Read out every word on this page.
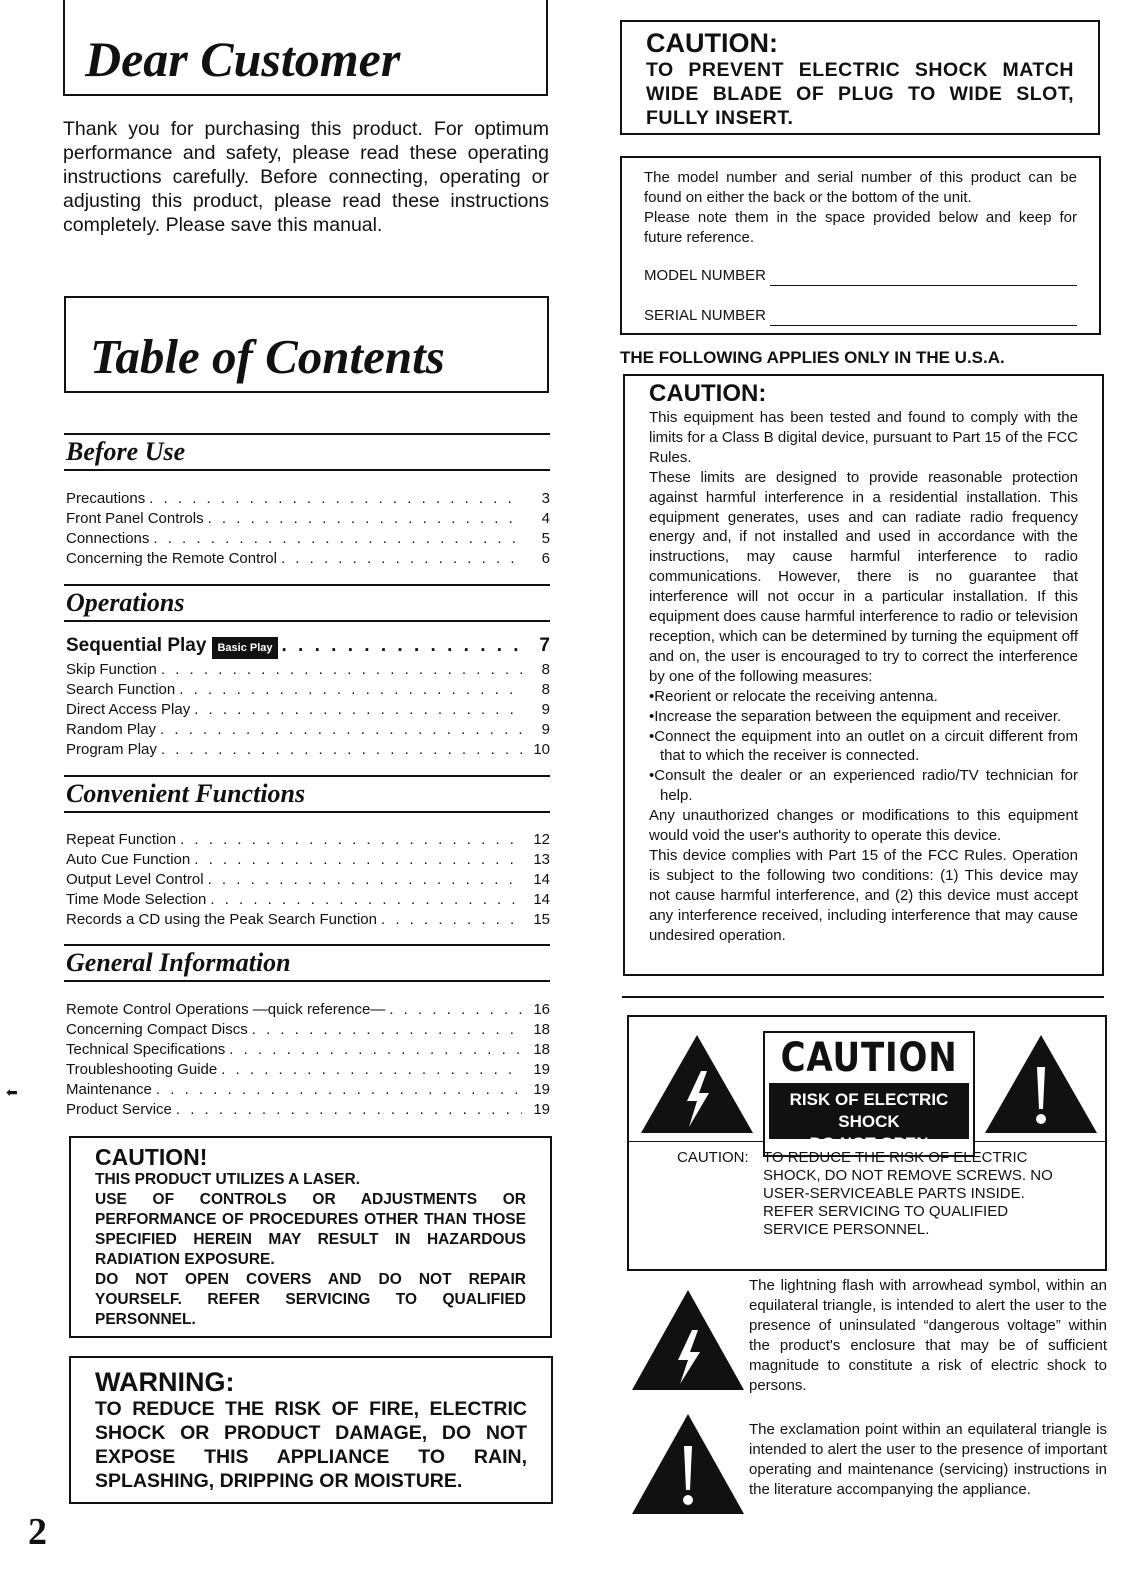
Dear Customer

Thank you for purchasing this product. For optimum performance and safety, please read these operating instructions carefully. Before connecting, operating or adjusting this product, please read these instructions completely. Please save this manual.

Table of Contents
Before Use
Precautions . . .	3
Front Panel Controls . . .	4
Connections . . .	5
Concerning the Remote Control . . .	6
Operations
Sequential Play	Basic Play . . .	7
Skip Function . . .	8
Search Function . . .	8
Direct Access Play . . .	9
Random Play . . .	9
Program Play . . .	10
Convenient Functions
Repeat Function . . .	12
Auto Cue Function . . .	13
Output Level Control . . .	14
Time Mode Selection . . .	14
Records a CD using the Peak Search Function . . .	15
General Information
Remote Control Operations —quick reference— . . .	16
Concerning Compact Discs . . .	18
Technical Specifications . . .	18
Troubleshooting Guide . . .	19
Maintenance . . .	19
Product Service . . .	19
⬅
CAUTION!

THIS PRODUCT UTILIZES A LASER.

USE OF CONTROLS OR ADJUSTMENTS OR PERFORMANCE OF PROCEDURES OTHER THAN THOSE SPECIFIED HEREIN MAY RESULT IN HAZARDOUS RADIATION EXPOSURE.

DO NOT OPEN COVERS AND DO NOT REPAIR YOURSELF. REFER SERVICING TO QUALIFIED PERSONNEL.

WARNING:

TO REDUCE THE RISK OF FIRE, ELECTRIC SHOCK OR PRODUCT DAMAGE, DO NOT EXPOSE THIS APPLIANCE TO RAIN, SPLASHING, DRIPPING OR MOISTURE.

2
CAUTION:

TO PREVENT ELECTRIC SHOCK MATCH WIDE BLADE OF PLUG TO WIDE SLOT, FULLY INSERT.

The model number and serial number of this product can be found on either the back or the bottom of the unit.

Please note them in the space provided below and keep for future reference.

MODEL NUMBER
SERIAL NUMBER
THE FOLLOWING APPLIES ONLY IN THE U.S.A.
CAUTION:

This equipment has been tested and found to comply with the limits for a Class B digital device, pursuant to Part 15 of the FCC Rules.

These limits are designed to provide reasonable protection against harmful interference in a residential installation. This equipment generates, uses and can radiate radio frequency energy and, if not installed and used in accordance with the instructions, may cause harmful interference to radio communications. However, there is no guarantee that interference will not occur in a particular installation. If this equipment does cause harmful interference to radio or television reception, which can be determined by turning the equipment off and on, the user is encouraged to try to correct the interference by one of the following measures:

•Reorient or relocate the receiving antenna.

•Increase the separation between the equipment and receiver.

•Connect the equipment into an outlet on a circuit different from that to which the receiver is connected.

•Consult the dealer or an experienced radio/TV technician for help.

Any unauthorized changes or modifications to this equipment would void the user's authority to operate this device.

This device complies with Part 15 of the FCC Rules. Operation is subject to the following two conditions: (1) This device may not cause harmful interference, and (2) this device must accept any interference received, including interference that may cause undesired operation.

CAUTION
RISK OF ELECTRIC SHOCK
DO NOT OPEN
CAUTION: TO REDUCE THE RISK OF ELECTRIC SHOCK, DO NOT REMOVE SCREWS. NO USER-SERVICEABLE PARTS INSIDE. REFER SERVICING TO QUALIFIED SERVICE PERSONNEL.

The lightning flash with arrowhead symbol, within an equilateral triangle, is intended to alert the user to the presence of uninsulated “dangerous voltage” within the product's enclosure that may be of sufficient magnitude to constitute a risk of electric shock to persons.

The exclamation point within an equilateral triangle is intended to alert the user to the presence of important operating and maintenance (servicing) instructions in the literature accompanying the appliance.
